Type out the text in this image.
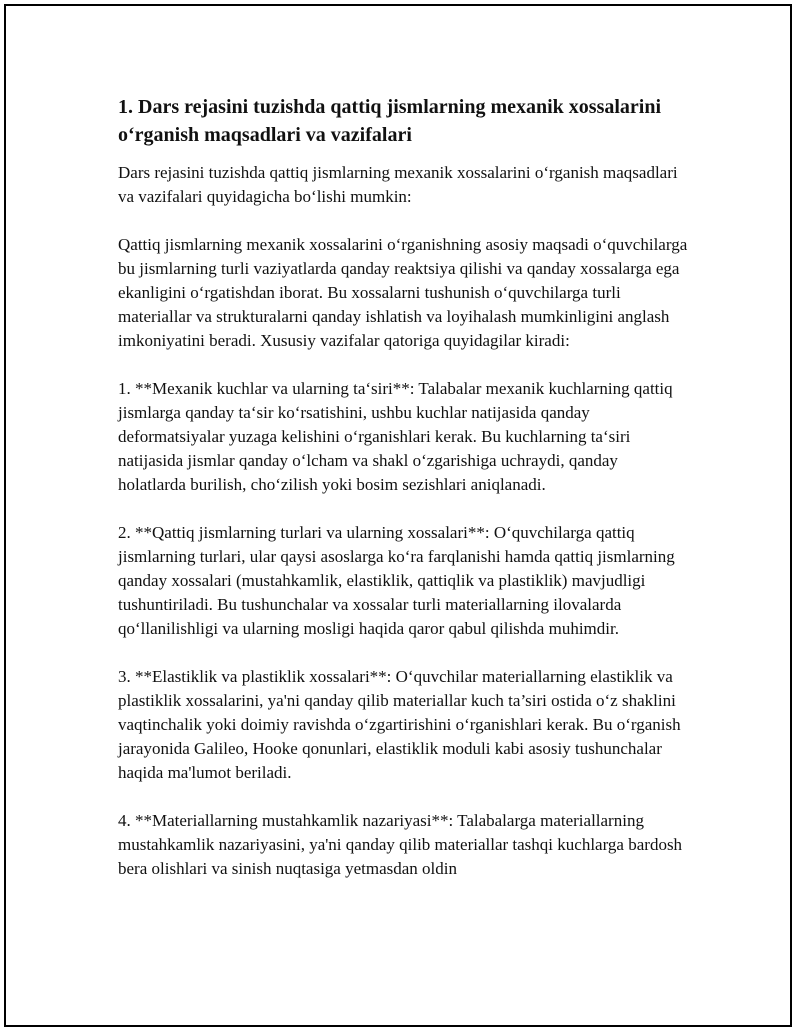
1. Dars rejasini tuzishda qattiq jismlarning mexanik xossalarini o‘rganish maqsadlari va vazifalari

Dars rejasini tuzishda qattiq jismlarning mexanik xossalarini o‘rganish maqsadlari va vazifalari quyidagicha bo‘lishi mumkin:

Qattiq jismlarning mexanik xossalarini o‘rganishning asosiy maqsadi o‘quvchilarga bu jismlarning turli vaziyatlarda qanday reaktsiya qilishi va qanday xossalarga ega ekanligini o‘rgatishdan iborat. Bu xossalarni tushunish o‘quvchilarga turli materiallar va strukturalarni qanday ishlatish va loyihalash mumkinligini anglash imkoniyatini beradi. Xususiy vazifalar qatoriga quyidagilar kiradi:

1. **Mexanik kuchlar va ularning ta‘siri**: Talabalar mexanik kuchlarning qattiq jismlarga qanday ta‘sir ko‘rsatishini, ushbu kuchlar natijasida qanday deformatsiyalar yuzaga kelishini o‘rganishlari kerak. Bu kuchlarning ta‘siri natijasida jismlar qanday o‘lcham va shakl o‘zgarishiga uchraydi, qanday holatlarda burilish, cho‘zilish yoki bosim sezishlari aniqlanadi.

2. **Qattiq jismlarning turlari va ularning xossalari**: O‘quvchilarga qattiq jismlarning turlari, ular qaysi asoslarga ko‘ra farqlanishi hamda qattiq jismlarning qanday xossalari (mustahkamlik, elastiklik, qattiqlik va plastiklik) mavjudligi tushuntiriladi. Bu tushunchalar va xossalar turli materiallarning ilovalarda qo‘llanilishligi va ularning mosligi haqida qaror qabul qilishda muhimdir.

3. **Elastiklik va plastiklik xossalari**: O‘quvchilar materiallarning elastiklik va plastiklik xossalarini, ya'ni qanday qilib materiallar kuch ta’siri ostida o‘z shaklini vaqtinchalik yoki doimiy ravishda o‘zgartirishini o‘rganishlari kerak. Bu o‘rganish jarayonida Galileo, Hooke qonunlari, elastiklik moduli kabi asosiy tushunchalar haqida ma'lumot beriladi.

4. **Materiallarning mustahkamlik nazariyasi**: Talabalarga materiallarning mustahkamlik nazariyasini, ya'ni qanday qilib materiallar tashqi kuchlarga bardosh bera olishlari va sinish nuqtasiga yetmasdan oldin
